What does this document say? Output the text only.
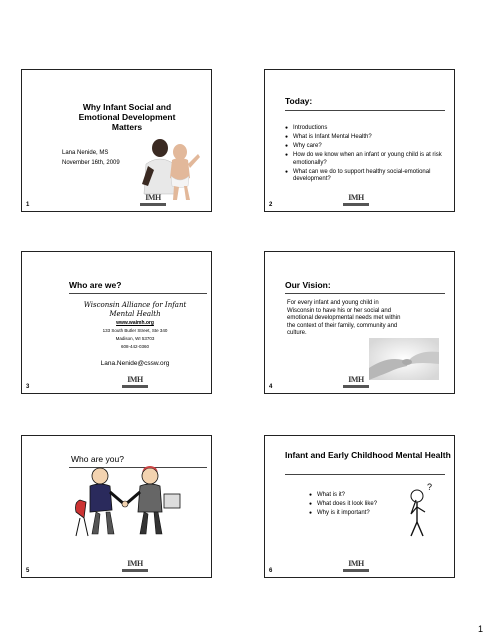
Why Infant Social and Emotional Development Matters
Lana Nenide, MS
November 16th, 2009
IMH
1
Today:
● Introductions
● What is Infant Mental Health?
● Why care?
● How do we know when an infant or young child is at risk emotionally?
● What can we do to support healthy social-emotional development?
IMH
2
Who are we?
Wisconsin Alliance for Infant Mental Health
www.waimh.org
133 South Butler Street, Ste 340
Madison, WI 53703
608-442-0360
Lana.Nenide@cssw.org
IMH
3
Our Vision:
For every infant and young child in Wisconsin to have his or her social and emotional developmental needs met within the context of their family, community and culture.
IMH
4
Who are you?
IMH
5
Infant and Early Childhood Mental Health
● What is it?
● What does it look like?
● Why is it important?
?
IMH
6
1
